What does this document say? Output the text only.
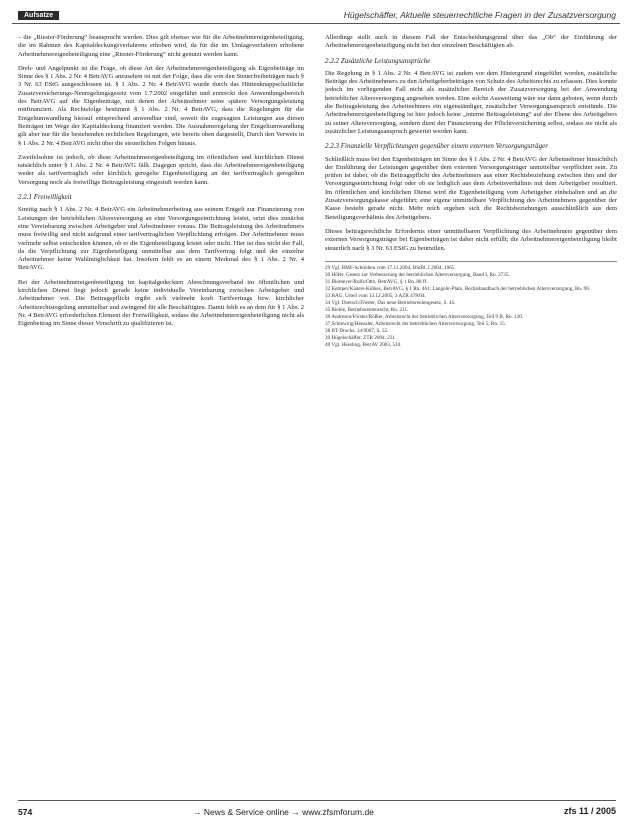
Aufsatze	Hügelschäffer, Aktuelle steuerrechtliche Fragen in der Zusatzversorgung

– die „Riester-Förderung“ beansprucht werden. Dies gilt ebenso wie für die Arbeitnehmereigenbeteiligung, die im Rahmen des Kapitaldeckungsverfahrens erhoben wird, da für die im Umlageverfahren erhobene Arbeitnehmereigenbeteiligung eine „Riester-Förderung“ nicht genutzt werden kann.

Dreh- und Angelpunkt ist die Frage, ob diese Art der Arbeitnehmereigenbeteiligung als Eigenbeiträge im Sinne des § 1 Abs. 2 Nr. 4 BetrAVG anzusehen ist mit der Folge, dass die von den Steuerfreibeträgen nach § 3 Nr. 63 EStG ausgeschlossen ist. § 1 Abs. 2 Nr. 4 BetrAVG wurde durch das Hüttenknappschaftliche Zusatzversicherungs-Neuregelungsgesetz vom 1.7.2002 eingeführt und erstreckt den Anwendungsbereich des BetrAVG auf die Eigenbeiträge, mit denen der Arbeitnehmer seine spätere Versorgungsleistung mitfinanziert. Als Rechtsfolge bestimmt § 1 Abs. 2 Nr. 4 BetrAVG, dass die Regelungen für die Entgeltumwandlung hierauf entsprechend anwendbar sind, soweit die zugesagten Leistungen aus diesen Beiträgen im Wege der Kapitaldeckung finanziert werden. Die Ausnahmeregelung der Entgeltumwandlung gilt aber nur für die bestehenden rechtlichen Regelungen, wie bereits oben dargestellt, Durch den Verweis in § 1 Abs. 2 Nr. 4 BetrAVG nicht über die steuerlichen Folgen hinaus.

Zweifelsohne ist jedoch, ob diese Arbeitnehmereigenbeteiligung im öffentlichen und kirchlichen Dienst tatsächlich unter § 1 Abs. 2 Nr. 4 BetrAVG fällt. Dagegen spricht, dass die Arbeitnehmereigenbeteiligung weder als tarifvertraglich oder kirchlich geregelte Eigenbeteiligung an der tarifvertraglich geregelten Versorgung noch als freiwillige Beitragsleistung eingestuft werden kann.

2.2.1 Freiwilligkeit

Streitig nach § 1 Abs. 2 Nr. 4 BetrAVG ein Arbeitnehmerbeitrag aus seinem Entgelt zur Finanzierung von Leistungen der betrieblichen Altersversorgung an eine Versorgungseinrichtung leistet, setzt dies zunächst eine Vereinbarung zwischen Arbeitgeber und Arbeitnehmer voraus. Die Beitragsleistung des Arbeitnehmers muss freiwillig und nicht aufgrund einer tarifvertraglichen Verpflichtung erfolgen. Der Arbeitnehmer muss vielmehr selbst entscheiden können, ob er die Eigenbeteiligung leistet oder nicht. Hier ist dies nicht der Fall, da die Verpflichtung zur Eigenbeteiligung unmittelbar aus dem Tarifvertrag folgt und der einzelne Arbeitnehmer keine Wahlmöglichkeit hat. Insofern fehlt es an einem Merkmal des § 1 Abs. 2 Nr. 4 BetrAVG.

Bei der Arbeitnehmereigenbeteiligung im kapitalgedeckten Abrechnungsverband im öffentlichen und kirchlichen Dienst liegt jedoch gerade keine individuelle Vereinbarung zwischen Arbeitgeber und Arbeitnehmer vor. Die Beitragspflicht ergibt sich vielmehr kraft Tarifvertrags bzw. kirchlicher Arbeitsrechtsregelung unmittelbar und zwingend für alle Beschäftigten. Damit fehlt es an dem für § 1 Abs. 2 Nr. 4 BetrAVG erforderlichen Element der Freiwilligkeit, sodass die Arbeitnehmereigenbeteiligung nicht als Eigenbeitrag im Sinne dieser Vorschrift zu qualifizieren ist.

Allerdings stellt auch in diesem Fall der Entscheidungsgrund über das „Ob“ der Einführung der Arbeitnehmereigenbeteiligung nicht bei den einzelnen Beschäftigten ab.

2.2.2 Zusätzliche Leistungsansprüche

Die Regelung in § 1 Abs. 2 Nr. 4 BetrAVG ist zudem vor dem Hintergrund eingeführt worden, zusätzliche Beiträge des Arbeitnehmers zu den Arbeitgeberbeiträgen von Schutz des Arbeitsrechts zu erfassen. Dies konnte jedoch im vorliegenden Fall nicht als zusätzlicher Bereich der Zusatzversorgung bei der Anwendung betrieblicher Altersversorgung angesehen werden. Eine solche Ausweitung wäre nur dann geboten, wenn durch die Beitragsleistung des Arbeitnehmers ein eigenständiger, zusätzlicher Versorgungsanspruch entstünde. Die Arbeitnehmereigenbeteiligung ist hier jedoch keine „interne Beitragsleistung“ auf der Ebene des Arbeitgebers zu seiner Altersversorgung, sondern dient der Finanzierung der Pflichtversicherung selbst, sodass sie nicht als zusätzlicher Leistungsanspruch gewertet werden kann.

2.2.3 Finanzielle Verpflichtungen gegenüber einem externen Versorgungsträger

Schließlich muss bei den Eigenbeiträgen im Sinne des § 1 Abs. 2 Nr. 4 BetrAVG der Arbeitnehmer hinsichtlich der Einführung der Leistungen gegenüber dem externen Versorgungsträger unmittelbar verpflichtet sein. Zu prüfen ist dabei, ob die Beitragspflicht des Arbeitnehmers aus einer Rechtsbeziehung zwischen ihm und der Versorgungseinrichtung folgt oder ob sie lediglich aus dem Arbeitsverhältnis mit dem Arbeitgeber resultiert. Im öffentlichen und kirchlichen Dienst wird die Eigenbeteiligung vom Arbeitgeber einbehalten und an die Zusatzversorgungskasse abgeführt; eine eigene unmittelbare Verpflichtung des Arbeitnehmers gegenüber der Kasse besteht gerade nicht. Mehr noch ergeben sich die Rechtsbeziehungen ausschließlich aus dem Beteiligungsverhältnis des Arbeitgebers.

Dieses beitragsrechtliche Erfordernis einer unmittelbaren Verpflichtung des Arbeitnehmers gegenüber dem externen Versorgungsträger bei Eigenbeiträgen ist daher nicht erfüllt; die Arbeitnehmereigenbeteiligung bleibt steuerlich nach § 3 Nr. 63 EStG zu beurteilen.

29 Vgl. BMF-Schreiben vom 17.11.2004, BStBl. I 2004, 1065.
30 Höfer, Gesetz zur Verbesserung der betrieblichen Altersversorgung, Band I, Rn. 2735.
31 Blomeyer/Rolfs/Otto, BetrAVG, § 1 Rn. 88 ff.
32 Kemper/Kisters-Kölkes, BetrAVG, § 1 Rn. 461; Langohr-Plato, Rechtshandbuch der betrieblichen Altersversorgung, Rn. 98.
33 BAG, Urteil vom 13.12.2005, 3 AZR 478/04.
34 Vgl. Doetsch/Förster, Das neue Betriebsrentengesetz, S. 45.
35 Rieble, Betriebsrentenrecht, Rn. 211.
36 Andresen/Förster/Rößler, Arbeitsrecht der betrieblichen Altersversorgung, Teil 9 B, Rn. 120.
37 Schlewing/Henssler, Arbeitsrecht der betrieblichen Altersversorgung, Teil 5, Rn. 15.
38 BT-Drucks. 14/9007, S. 35.
39 Hügelschäffer, ZTR 2004, 231.
40 Vgl. Hessling, BetrAV 2003, 510.
574	→ News & Service online → www.zfsmforum.de	zfs 11 / 2005
